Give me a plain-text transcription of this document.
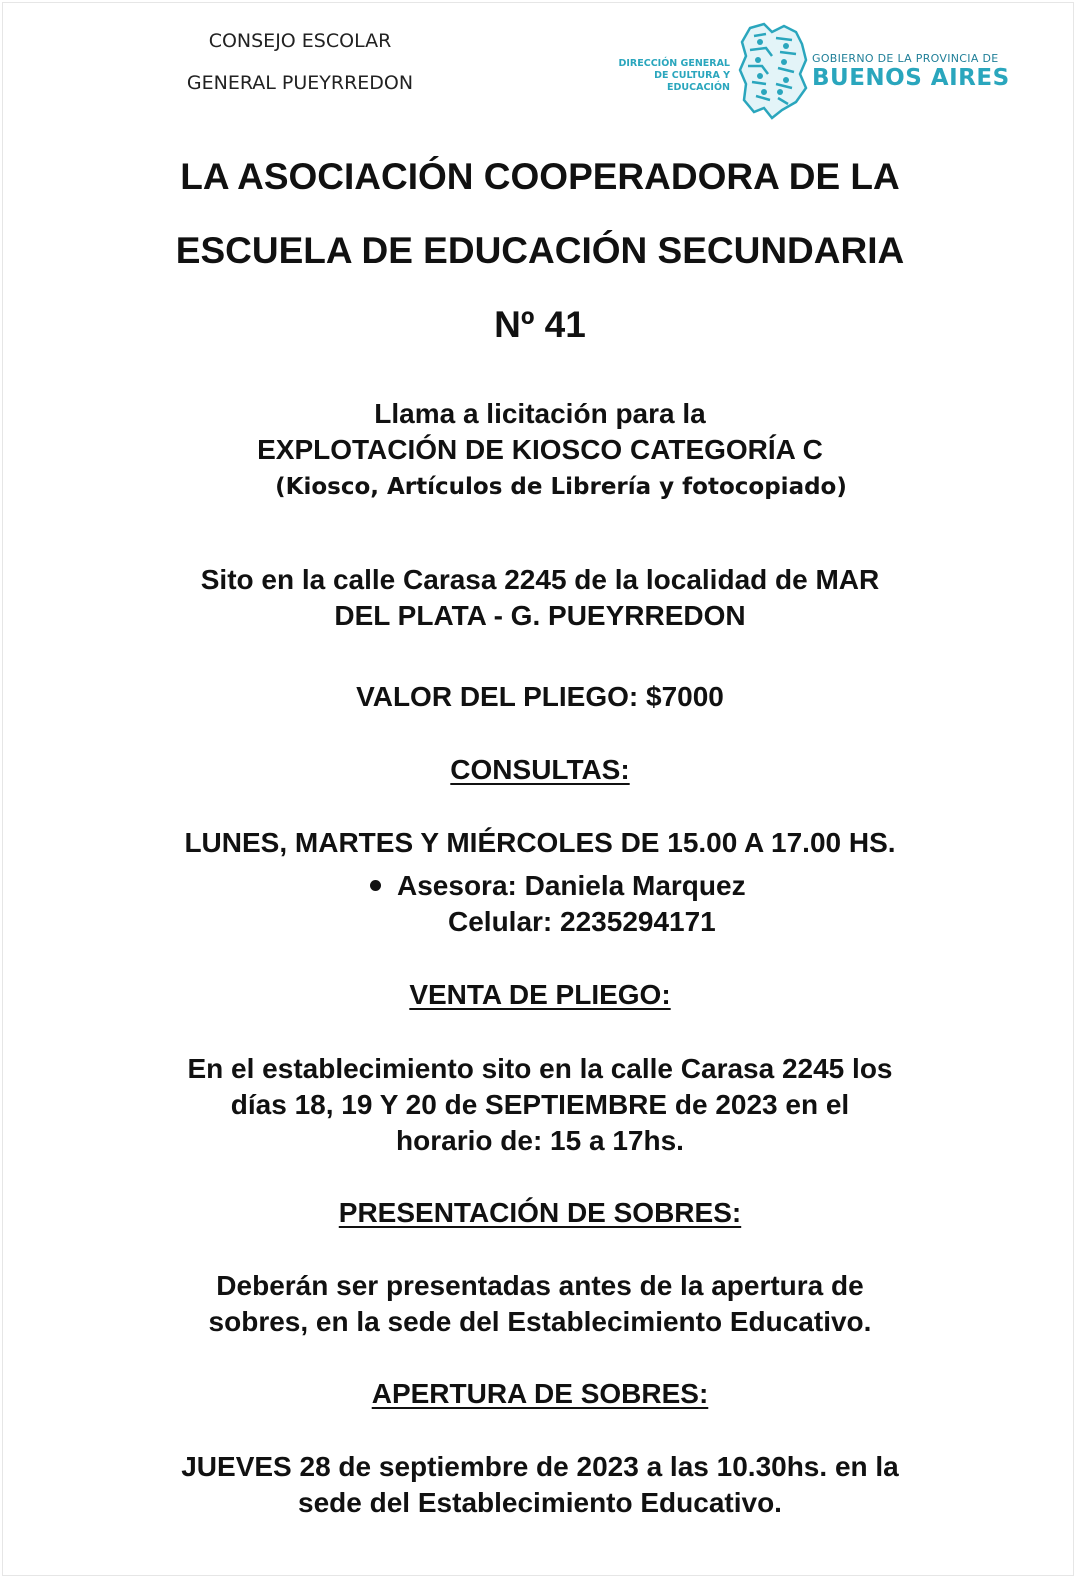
CONSEJO ESCOLAR
GENERAL PUEYRREDON
DIRECCIÓN GENERAL
DE CULTURA Y EDUCACIÓN
GOBIERNO DE LA PROVINCIA DE
BUENOS AIRES
LA ASOCIACIÓN COOPERADORA DE LA
ESCUELA DE EDUCACIÓN SECUNDARIA
Nº 41
Llama a licitación para la
EXPLOTACIÓN DE KIOSCO CATEGORÍA C
(Kiosco, Artículos de Librería y fotocopiado)
Sito en la calle Carasa 2245 de la localidad de MAR
DEL PLATA - G. PUEYRREDON
VALOR DEL PLIEGO: $7000
CONSULTAS:
LUNES, MARTES Y MIÉRCOLES DE 15.00 A 17.00 HS.
Asesora: Daniela Marquez
Celular: 2235294171
VENTA DE PLIEGO:
En el establecimiento sito en la calle Carasa 2245 los
días 18, 19 Y 20 de SEPTIEMBRE de 2023 en el
horario de: 15 a 17hs.
PRESENTACIÓN DE SOBRES:
Deberán ser presentadas antes de la apertura de
sobres, en la sede del Establecimiento Educativo.
APERTURA DE SOBRES:
JUEVES 28 de septiembre de 2023 a las 10.30hs. en la
sede del Establecimiento Educativo.
